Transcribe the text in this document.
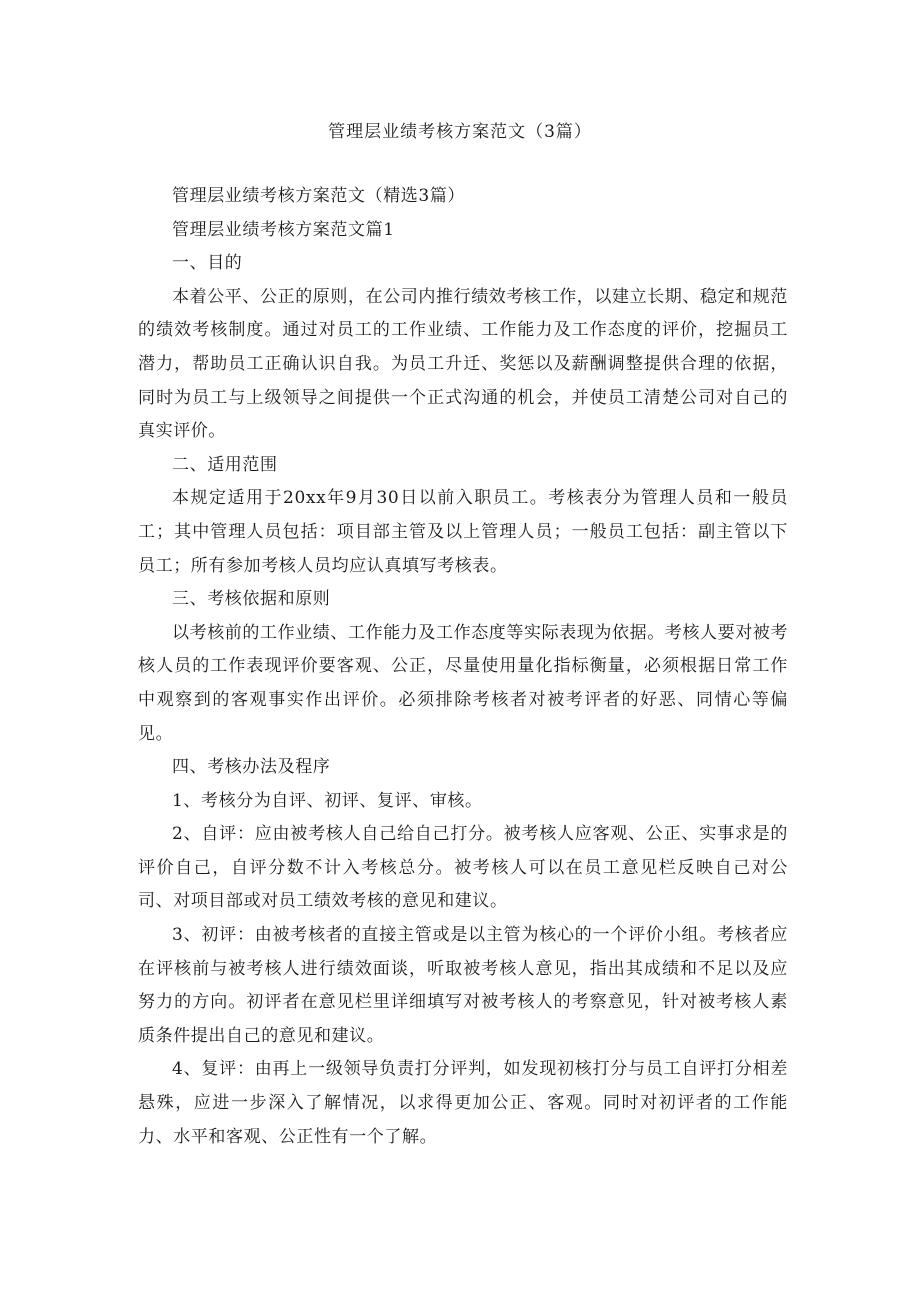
管理层业绩考核方案范文（3篇）

管理层业绩考核方案范文（精选3篇）

管理层业绩考核方案范文篇1

一、目的

本着公平、公正的原则，在公司内推行绩效考核工作，以建立长期、稳定和规范的绩效考核制度。通过对员工的工作业绩、工作能力及工作态度的评价，挖掘员工潜力，帮助员工正确认识自我。为员工升迁、奖惩以及薪酬调整提供合理的依据，同时为员工与上级领导之间提供一个正式沟通的机会，并使员工清楚公司对自己的真实评价。

二、适用范围

本规定适用于20xx年9月30日以前入职员工。考核表分为管理人员和一般员工；其中管理人员包括：项目部主管及以上管理人员；一般员工包括：副主管以下员工；所有参加考核人员均应认真填写考核表。

三、考核依据和原则

以考核前的工作业绩、工作能力及工作态度等实际表现为依据。考核人要对被考核人员的工作表现评价要客观、公正，尽量使用量化指标衡量，必须根据日常工作中观察到的客观事实作出评价。必须排除考核者对被考评者的好恶、同情心等偏见。

四、考核办法及程序

1、考核分为自评、初评、复评、审核。

2、自评：应由被考核人自己给自己打分。被考核人应客观、公正、实事求是的评价自己，自评分数不计入考核总分。被考核人可以在员工意见栏反映自己对公司、对项目部或对员工绩效考核的意见和建议。

3、初评：由被考核者的直接主管或是以主管为核心的一个评价小组。考核者应在评核前与被考核人进行绩效面谈，听取被考核人意见，指出其成绩和不足以及应努力的方向。初评者在意见栏里详细填写对被考核人的考察意见，针对被考核人素质条件提出自己的意见和建议。

4、复评：由再上一级领导负责打分评判，如发现初核打分与员工自评打分相差悬殊，应进一步深入了解情况，以求得更加公正、客观。同时对初评者的工作能力、水平和客观、公正性有一个了解。
